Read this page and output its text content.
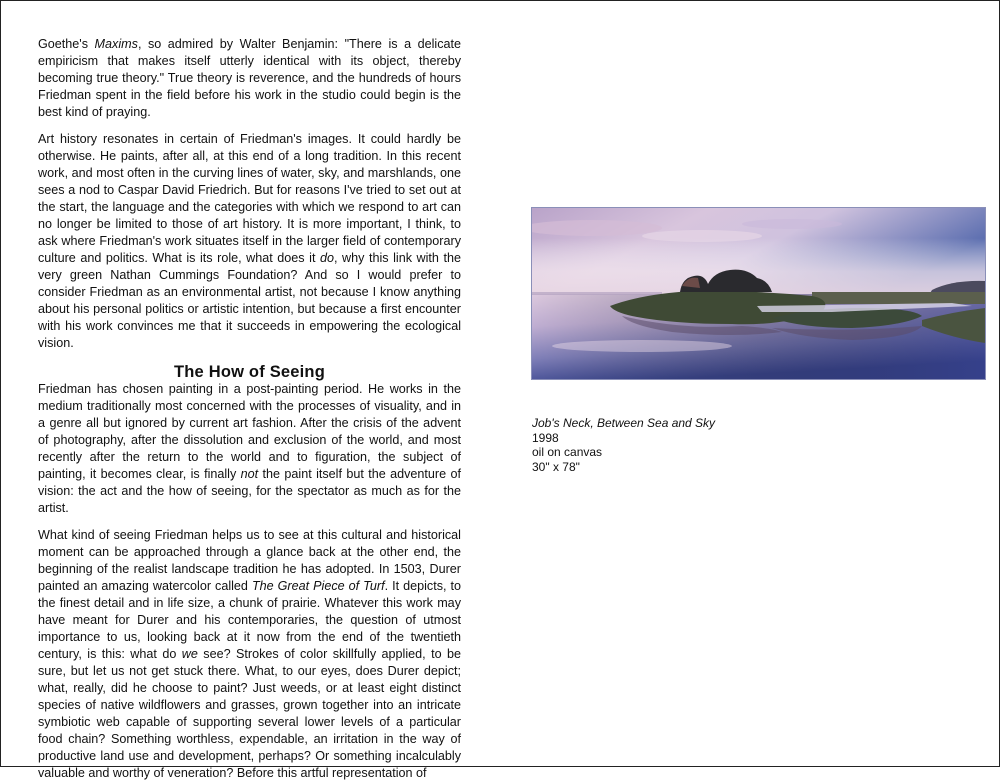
Goethe's Maxims, so admired by Walter Benjamin: "There is a delicate empiricism that makes itself utterly identical with its object, thereby becoming true theory." True theory is reverence, and the hundreds of hours Friedman spent in the field before his work in the studio could begin is the best kind of praying.

Art history resonates in certain of Friedman's images. It could hardly be otherwise. He paints, after all, at this end of a long tradition. In this recent work, and most often in the curving lines of water, sky, and marshlands, one sees a nod to Caspar David Friedrich. But for reasons I've tried to set out at the start, the language and the categories with which we respond to art can no longer be limited to those of art history. It is more important, I think, to ask where Friedman's work situates itself in the larger field of contemporary culture and politics. What is its role, what does it do, why this link with the very green Nathan Cummings Foundation? And so I would prefer to consider Friedman as an environmental artist, not because I know anything about his personal politics or artistic intention, but because a first encounter with his work convinces me that it succeeds in empowering the ecological vision.

The How of Seeing

Friedman has chosen painting in a post-painting period. He works in the medium traditionally most concerned with the processes of visuality, and in a genre all but ignored by current art fashion. After the crisis of the advent of photography, after the dissolution and exclusion of the world, and most recently after the return to the world and to figuration, the subject of painting, it becomes clear, is finally not the paint itself but the adventure of vision: the act and the how of seeing, for the spectator as much as for the artist.

What kind of seeing Friedman helps us to see at this cultural and historical moment can be approached through a glance back at the other end, the beginning of the realist landscape tradition he has adopted. In 1503, Durer painted an amazing watercolor called The Great Piece of Turf. It depicts, to the finest detail and in life size, a chunk of prairie. Whatever this work may have meant for Durer and his contemporaries, the question of utmost importance to us, looking back at it now from the end of the twentieth century, is this: what do we see? Strokes of color skillfully applied, to be sure, but let us not get stuck there. What, to our eyes, does Durer depict; what, really, did he choose to paint? Just weeds, or at least eight distinct species of native wildflowers and grasses, grown together into an intricate symbiotic web capable of supporting several lower levels of a particular food chain? Something worthless, expendable, an irritation in the way of productive land use and development, perhaps? Or something incalculably valuable and worthy of veneration? Before this artful representation of

Job's Neck, Between Sea and Sky
1998
oil on canvas
30" x 78"
